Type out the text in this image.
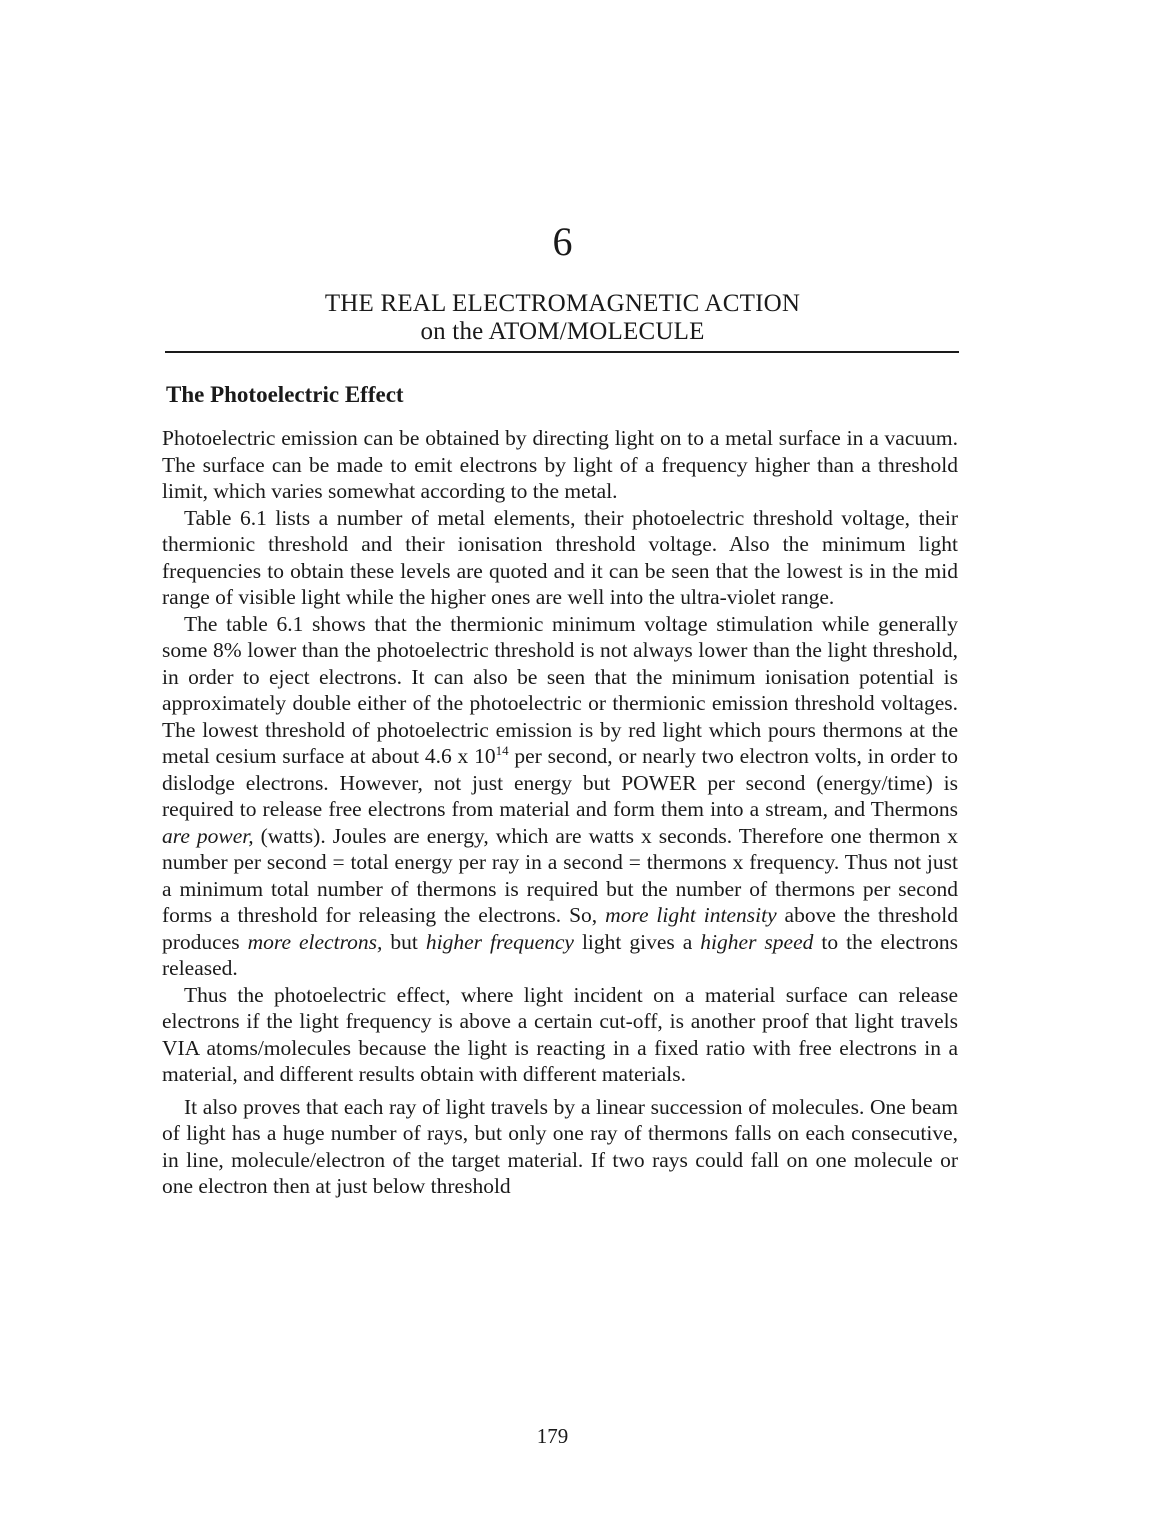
6
THE REAL ELECTROMAGNETIC ACTION
on the ATOM/MOLECULE
The Photoelectric Effect

Photoelectric emission can be obtained by directing light on to a metal surface in a vacuum. The surface can be made to emit electrons by light of a frequency higher than a threshold limit, which varies somewhat according to the metal.

Table 6.1 lists a number of metal elements, their photoelectric threshold voltage, their thermionic threshold and their ionisation threshold voltage. Also the minimum light frequencies to obtain these levels are quoted and it can be seen that the lowest is in the mid range of visible light while the higher ones are well into the ultra-violet range.

The table 6.1 shows that the thermionic minimum voltage stimulation while generally some 8% lower than the photoelectric threshold is not always lower than the light threshold, in order to eject electrons. It can also be seen that the minimum ionisation potential is approximately double either of the photoelectric or thermionic emission threshold voltages. The lowest threshold of photoelectric emission is by red light which pours thermons at the metal cesium surface at about 4.6 x $10^{14}$ per second, or nearly two electron volts, in order to dislodge electrons. However, not just energy but POWER per second (energy/time) is required to release free electrons from material and form them into a stream, and Thermons are power, (watts). Joules are energy, which are watts x seconds. Therefore one thermon x number per second = total energy per ray in a second = thermons x frequency. Thus not just a minimum total number of thermons is required but the number of thermons per second forms a threshold for releasing the electrons. So, more light intensity above the threshold produces more electrons, but higher frequency light gives a higher speed to the electrons released.

Thus the photoelectric effect, where light incident on a material surface can release electrons if the light frequency is above a certain cut-off, is another proof that light travels VIA atoms/molecules because the light is reacting in a fixed ratio with free electrons in a material, and different results obtain with different materials.

It also proves that each ray of light travels by a linear succession of molecules. One beam of light has a huge number of rays, but only one ray of thermons falls on each consecutive, in line, molecule/electron of the target material. If two rays could fall on one molecule or one electron then at just below threshold

179
